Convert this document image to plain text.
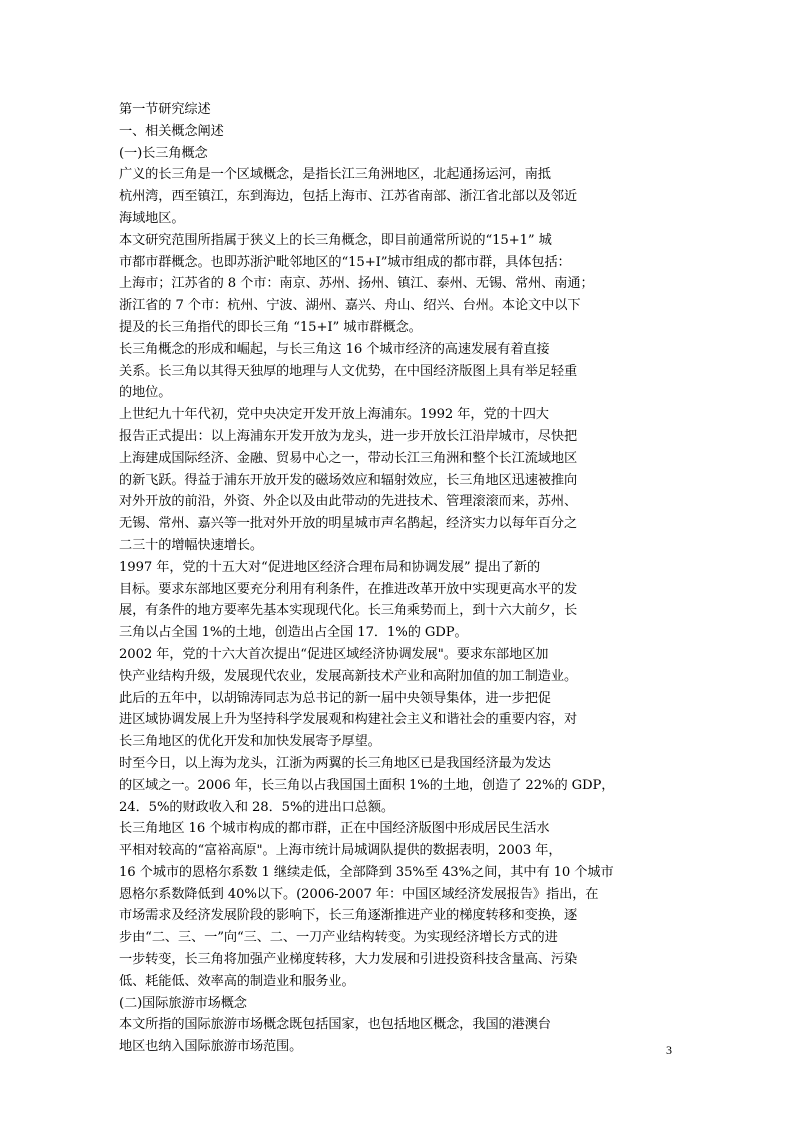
第一节研究综述
一、相关概念阐述
(一)长三角概念
广义的长三角是一个区域概念，是指长江三角洲地区，北起通扬运河，南抵
杭州湾，西至镇江，东到海边，包括上海市、江苏省南部、浙江省北部以及邻近
海域地区。
本文研究范围所指属于狭义上的长三角概念，即目前通常所说的“15+1” 城
市都市群概念。也即苏浙沪毗邻地区的“15+I”城市组成的都市群，具体包括：
上海市；江苏省的 8 个市：南京、苏州、扬州、镇江、泰州、无锡、常州、南通；
浙江省的 7 个市：杭州、宁波、湖州、嘉兴、舟山、绍兴、台州。本论文中以下
提及的长三角指代的即长三角 “15+I” 城市群概念。
长三角概念的形成和崛起，与长三角这 16 个城市经济的高速发展有着直接
关系。长三角以其得天独厚的地理与人文优势，在中国经济版图上具有举足轻重
的地位。
上世纪九十年代初，党中央决定开发开放上海浦东。1992 年，党的十四大
报告正式提出：以上海浦东开发开放为龙头，进一步开放长江沿岸城市，尽快把
上海建成国际经济、金融、贸易中心之一，带动长江三角洲和整个长江流域地区
的新飞跃。得益于浦东开放开发的磁场效应和辐射效应，长三角地区迅速被推向
对外开放的前沿，外资、外企以及由此带动的先进技术、管理滚滚而来，苏州、
无锡、常州、嘉兴等一批对外开放的明星城市声名鹊起，经济实力以每年百分之
二三十的增幅快速增长。
1997 年，党的十五大对“促进地区经济合理布局和协调发展” 提出了新的
目标。要求东部地区要充分利用有利条件，在推进改革开放中实现更高水平的发
展，有条件的地方要率先基本实现现代化。长三角乘势而上，到十六大前夕，长
三角以占全国 1%的土地，创造出占全国 17．1%的 GDP。
2002 年，党的十六大首次提出“促进区域经济协调发展"。要求东部地区加
快产业结构升级，发展现代农业，发展高新技术产业和高附加值的加工制造业。
此后的五年中，以胡锦涛同志为总书记的新一届中央领导集体，进一步把促
进区域协调发展上升为坚持科学发展观和构建社会主义和谐社会的重要内容，对
长三角地区的优化开发和加快发展寄予厚望。
时至今日，以上海为龙头，江浙为两翼的长三角地区已是我国经济最为发达
的区域之一。2006 年，长三角以占我国国土面积 1%的土地，创造了 22%的 GDP，
24．5%的财政收入和 28．5%的进出口总额。
长三角地区 16 个城市构成的都市群，正在中国经济版图中形成居民生活水
平相对较高的“富裕高原"。上海市统计局城调队提供的数据表明，2003 年，
16 个城市的恩格尔系数 1 继续走低，全部降到 35%至 43%之间，其中有 10 个城市
恩格尔系数降低到 40%以下。(2006-2007 年：中国区域经济发展报告》指出，在
市场需求及经济发展阶段的影响下，长三角逐渐推进产业的梯度转移和变换，逐
步由“二、三、一”向“三、二、一刀产业结构转变。为实现经济增长方式的进
一步转变，长三角将加强产业梯度转移，大力发展和引进投资科技含量高、污染
低、耗能低、效率高的制造业和服务业。
(二)国际旅游市场概念
本文所指的国际旅游市场概念既包括国家，也包括地区概念，我国的港澳台
地区也纳入国际旅游市场范围。	3
